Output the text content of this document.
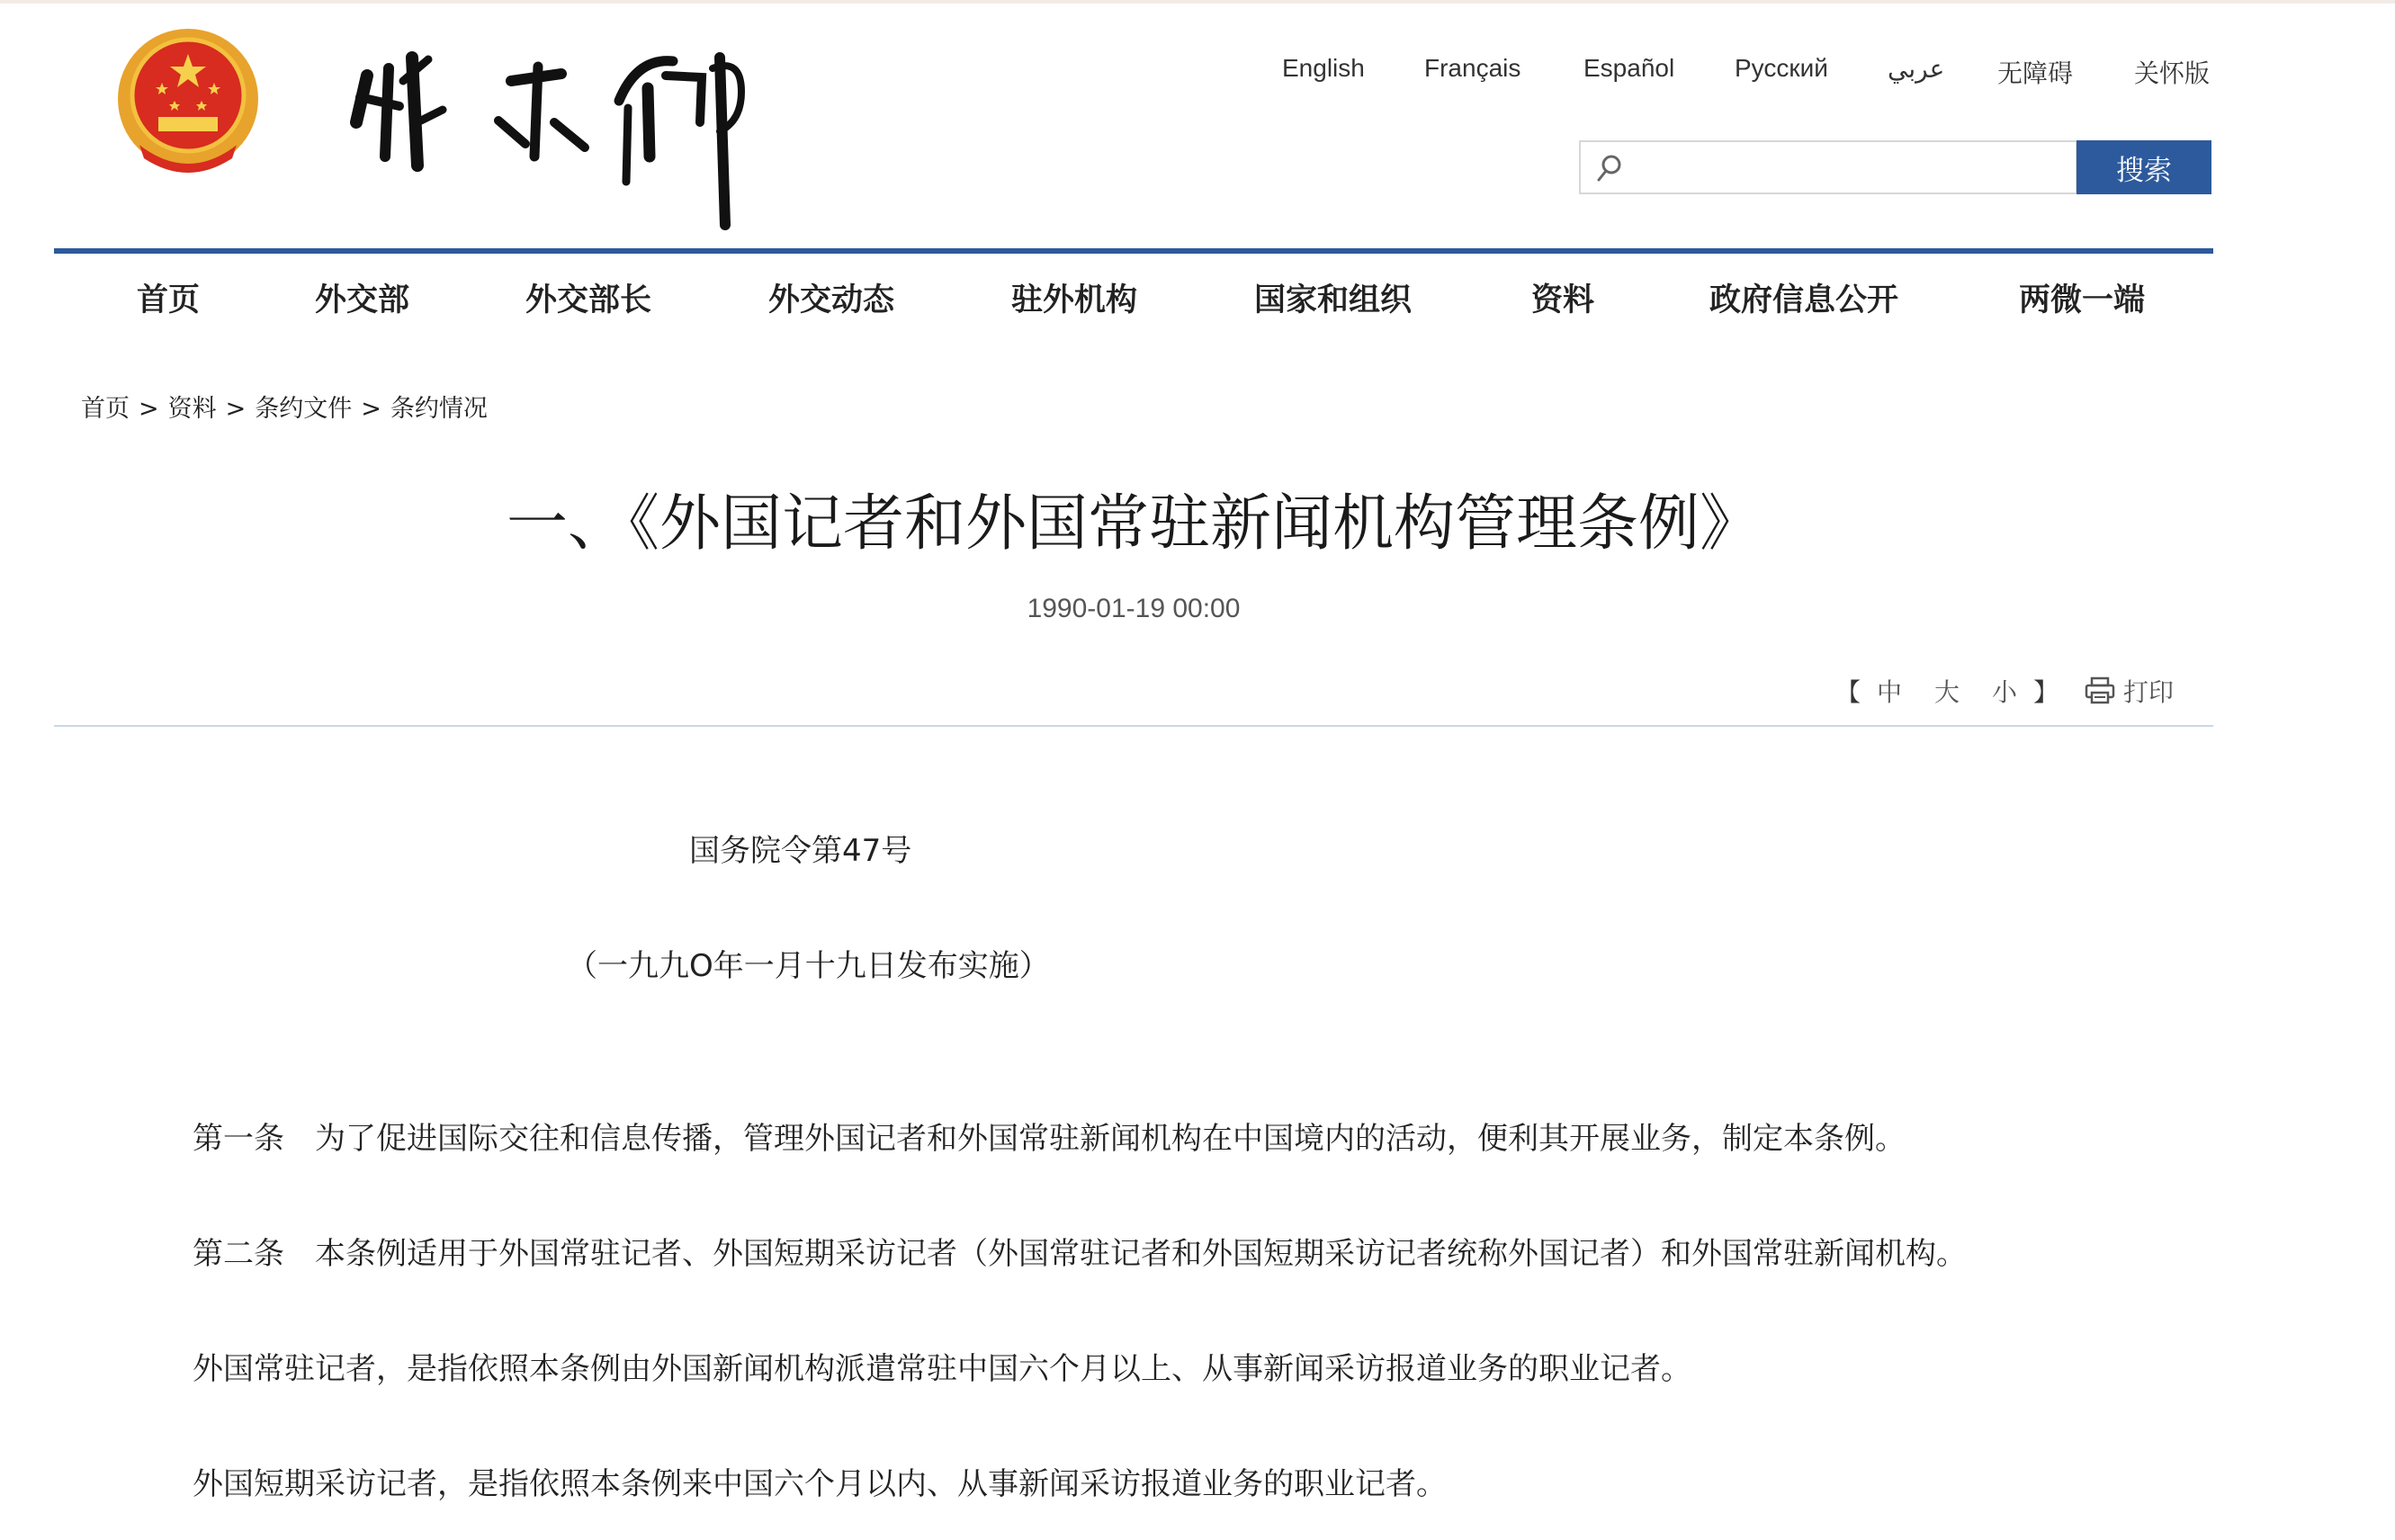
English Français Español Русский عربي 无障碍 关怀版
搜索
首页	外交部	外交部长	外交动态	驻外机构	国家和组织	资料	政府信息公开	两微一端
首页 > 资料 > 条约文件 > 条约情况
一、《外国记者和外国常驻新闻机构管理条例》
1990-01-19 00:00
【 中 大 小 】	打印
国务院令第47号
（一九九O年一月十九日发布实施）
第一条　为了促进国际交往和信息传播，管理外国记者和外国常驻新闻机构在中国境内的活动，便利其开展业务，制定本条例。
第二条　本条例适用于外国常驻记者、外国短期采访记者（外国常驻记者和外国短期采访记者统称外国记者）和外国常驻新闻机构。
外国常驻记者，是指依照本条例由外国新闻机构派遣常驻中国六个月以上、从事新闻采访报道业务的职业记者。
外国短期采访记者，是指依照本条例来中国六个月以内、从事新闻采访报道业务的职业记者。
